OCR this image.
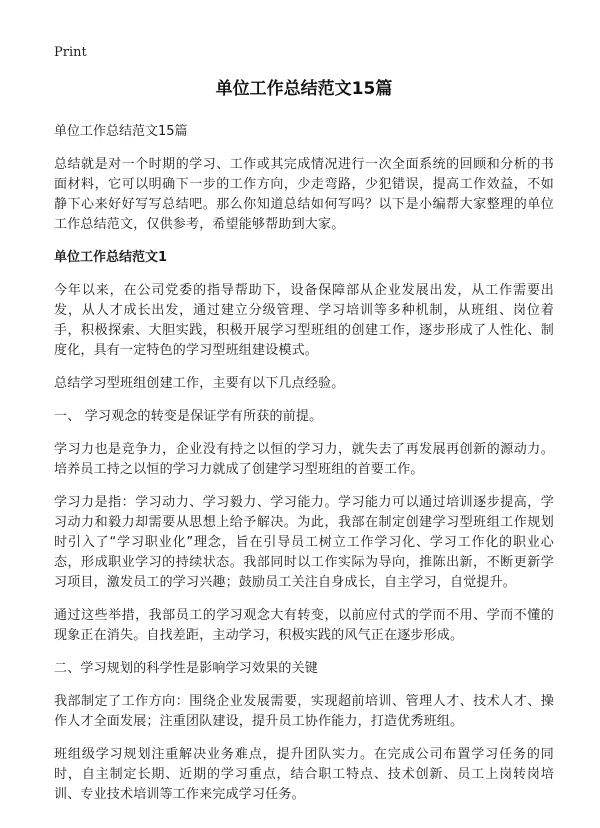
Print
单位工作总结范文15篇

单位工作总结范文15篇

总结就是对一个时期的学习、工作或其完成情况进行一次全面系统的回顾和分析的书面材料，它可以明确下一步的工作方向，少走弯路，少犯错误，提高工作效益，不如静下心来好好写写总结吧。那么你知道总结如何写吗？以下是小编帮大家整理的单位工作总结范文，仅供参考，希望能够帮助到大家。

单位工作总结范文1

今年以来，在公司党委的指导帮助下，设备保障部从企业发展出发，从工作需要出发，从人才成长出发，通过建立分级管理、学习培训等多种机制，从班组、岗位着手，积极探索、大胆实践，积极开展学习型班组的创建工作，逐步形成了人性化、制度化，具有一定特色的学习型班组建设模式。

总结学习型班组创建工作，主要有以下几点经验。

一、 学习观念的转变是保证学有所获的前提。

学习力也是竞争力，企业没有持之以恒的学习力，就失去了再发展再创新的源动力。培养员工持之以恒的学习力就成了创建学习型班组的首要工作。

学习力是指：学习动力、学习毅力、学习能力。学习能力可以通过培训逐步提高，学习动力和毅力却需要从思想上给予解决。为此，我部在制定创建学习型班组工作规划时引入了“学习职业化”理念，旨在引导员工树立工作学习化、学习工作化的职业心态，形成职业学习的持续状态。我部同时以工作实际为导向，推陈出新，不断更新学习项目，激发员工的学习兴趣；鼓励员工关注自身成长，自主学习，自觉提升。

通过这些举措，我部员工的学习观念大有转变，以前应付式的学而不用、学而不懂的现象正在消失。自找差距，主动学习，积极实践的风气正在逐步形成。

二、学习规划的科学性是影响学习效果的关键

我部制定了工作方向：围绕企业发展需要，实现超前培训、管理人才、技术人才、操作人才全面发展；注重团队建设，提升员工协作能力，打造优秀班组。

班组级学习规划注重解决业务难点，提升团队实力。在完成公司布置学习任务的同时，自主制定长期、近期的学习重点，结合职工特点、技术创新、员工上岗转岗培训、专业技术培训等工作来完成学习任务。
